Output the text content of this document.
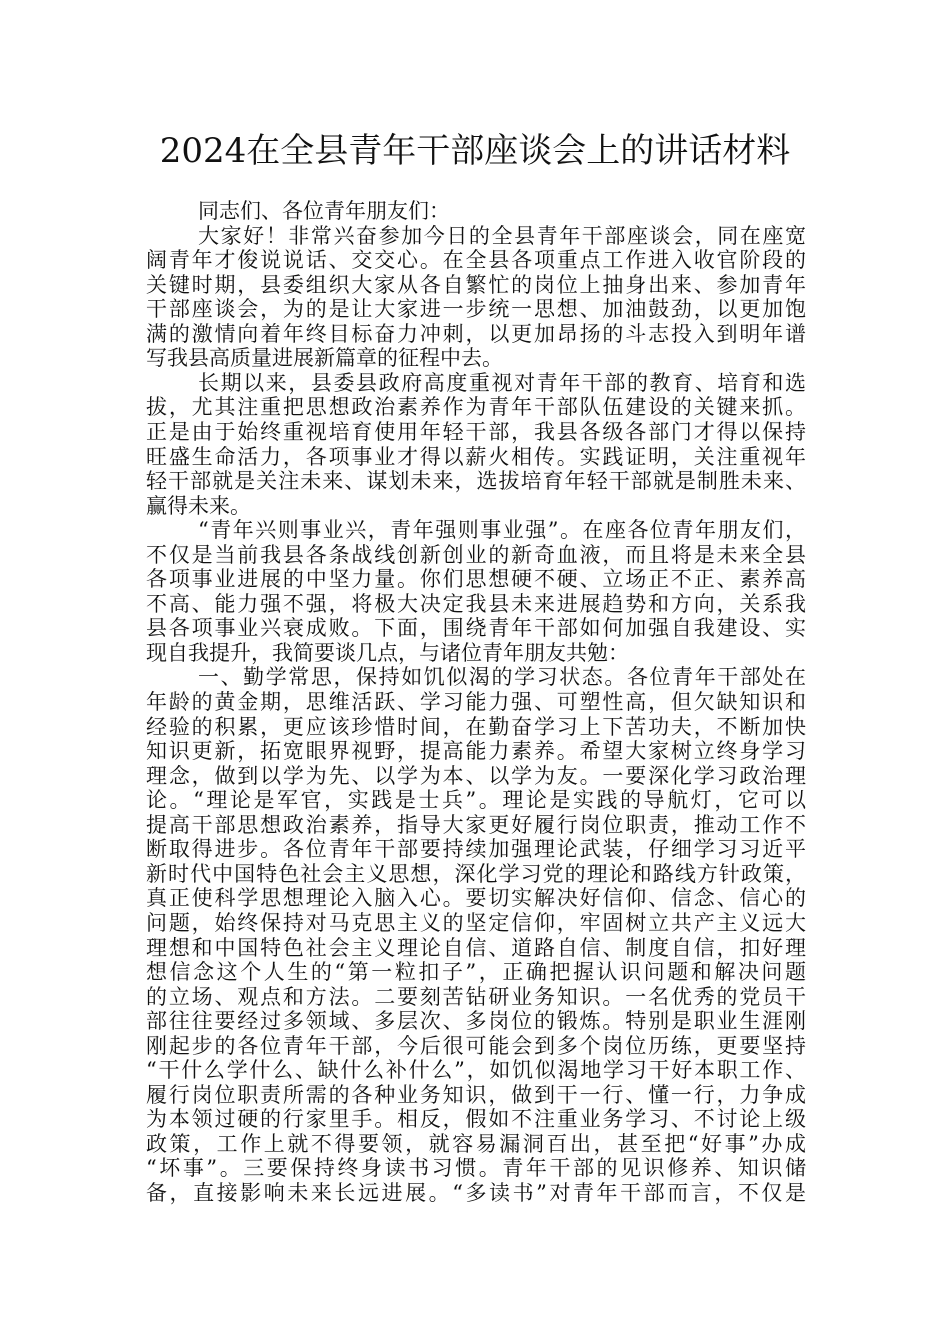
2024在全县青年干部座谈会上的讲话材料
同志们、各位青年朋友们：
大家好！非常兴奋参加今日的全县青年干部座谈会，同在座宽
阔青年才俊说说话、交交心。在全县各项重点工作进入收官阶段的
关键时期，县委组织大家从各自繁忙的岗位上抽身出来、参加青年
干部座谈会，为的是让大家进一步统一思想、加油鼓劲，以更加饱
满的激情向着年终目标奋力冲刺，以更加昂扬的斗志投入到明年谱
写我县高质量进展新篇章的征程中去。
长期以来，县委县政府高度重视对青年干部的教育、培育和选
拔，尤其注重把思想政治素养作为青年干部队伍建设的关键来抓。
正是由于始终重视培育使用年轻干部，我县各级各部门才得以保持
旺盛生命活力，各项事业才得以薪火相传。实践证明，关注重视年
轻干部就是关注未来、谋划未来，选拔培育年轻干部就是制胜未来、
赢得未来。
“青年兴则事业兴，青年强则事业强”。在座各位青年朋友们，
不仅是当前我县各条战线创新创业的新奇血液，而且将是未来全县
各项事业进展的中坚力量。你们思想硬不硬、立场正不正、素养高
不高、能力强不强，将极大决定我县未来进展趋势和方向，关系我
县各项事业兴衰成败。下面，围绕青年干部如何加强自我建设、实
现自我提升，我简要谈几点，与诸位青年朋友共勉：
一、勤学常思，保持如饥似渴的学习状态。各位青年干部处在
年龄的黄金期，思维活跃、学习能力强、可塑性高，但欠缺知识和
经验的积累，更应该珍惜时间，在勤奋学习上下苦功夫，不断加快
知识更新，拓宽眼界视野，提高能力素养。希望大家树立终身学习
理念，做到以学为先、以学为本、以学为友。一要深化学习政治理
论。“理论是军官，实践是士兵”。理论是实践的导航灯，它可以
提高干部思想政治素养，指导大家更好履行岗位职责，推动工作不
断取得进步。各位青年干部要持续加强理论武装，仔细学习习近平
新时代中国特色社会主义思想，深化学习党的理论和路线方针政策，
真正使科学思想理论入脑入心。要切实解决好信仰、信念、信心的
问题，始终保持对马克思主义的坚定信仰，牢固树立共产主义远大
理想和中国特色社会主义理论自信、道路自信、制度自信，扣好理
想信念这个人生的“第一粒扣子”，正确把握认识问题和解决问题
的立场、观点和方法。二要刻苦钻研业务知识。一名优秀的党员干
部往往要经过多领域、多层次、多岗位的锻炼。特别是职业生涯刚
刚起步的各位青年干部，今后很可能会到多个岗位历练，更要坚持
“干什么学什么、缺什么补什么”，如饥似渴地学习干好本职工作、
履行岗位职责所需的各种业务知识，做到干一行、懂一行，力争成
为本领过硬的行家里手。相反，假如不注重业务学习、不讨论上级
政策，工作上就不得要领，就容易漏洞百出，甚至把“好事”办成
“坏事”。三要保持终身读书习惯。青年干部的见识修养、知识储
备，直接影响未来长远进展。“多读书”对青年干部而言，不仅是
